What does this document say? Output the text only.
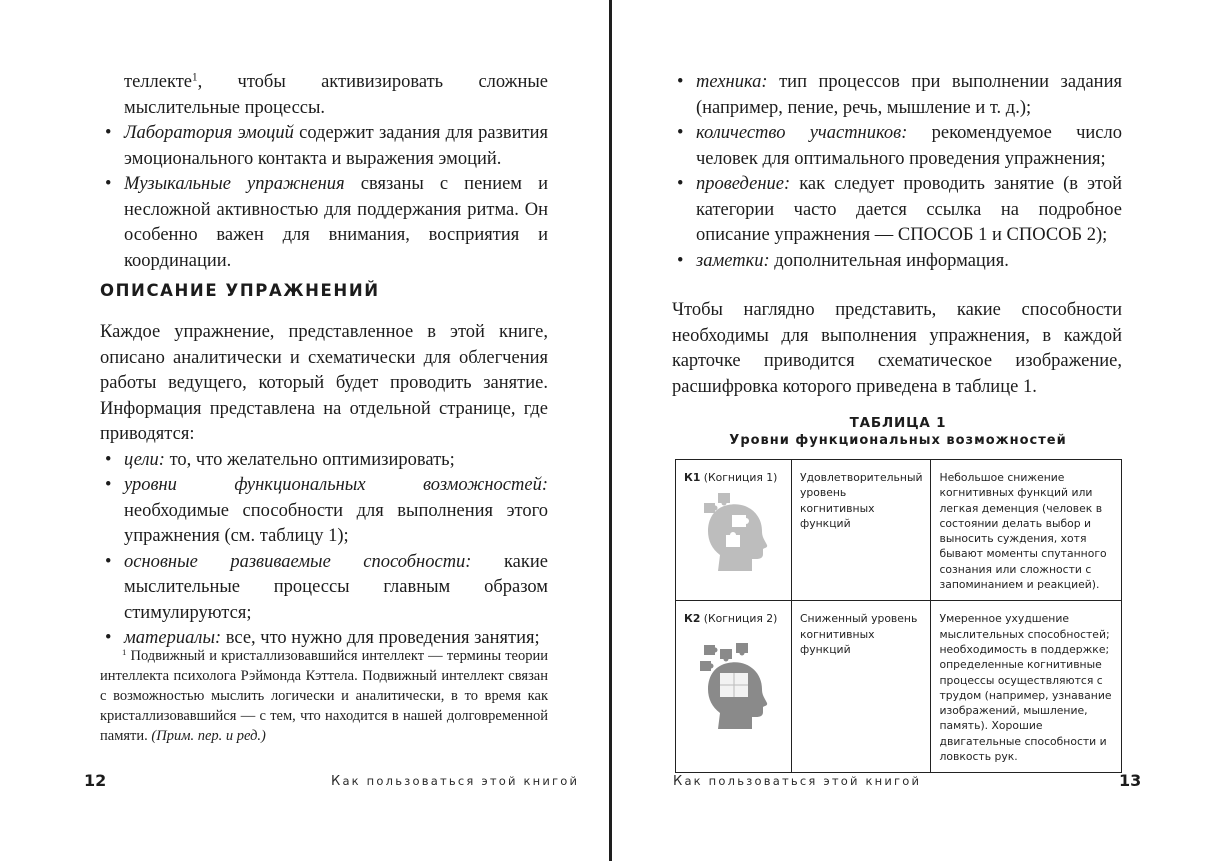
теллекте$^1$, чтобы активизировать сложные мыслительные процессы.

• Лаборатория эмоций содержит задания для развития эмоционального контакта и выражения эмоций.
• Музыкальные упражнения связаны с пением и несложной активностью для поддержания ритма. Он особенно важен для внимания, восприятия и координации.
ОПИСАНИЕ УПРАЖНЕНИЙ

Каждое упражнение, представленное в этой книге, описано аналитически и схематически для облегчения работы ведущего, который будет проводить занятие. Информация представлена на отдельной странице, где приводятся:

• цели: то, что желательно оптимизировать;
• уровни функциональных возможностей: необходимые способности для выполнения этого упражнения (см. таблицу 1);
• основные развиваемые способности: какие мыслительные процессы главным образом стимулируются;
• материалы: все, что нужно для проведения занятия;

$^1$ Подвижный и кристаллизовавшийся интеллект — термины теории интеллекта психолога Рэймонда Кэттела. Подвижный интеллект связан с возможностью мыслить логически и аналитически, в то время как кристаллизовавшийся — с тем, что находится в нашей долговременной памяти. (Прим. пер. и ред.)

12	Как пользоваться этой книгой
• техника: тип процессов при выполнении задания (например, пение, речь, мышление и т. д.);
• количество участников: рекомендуемое число человек для оптимального проведения упражнения;
• проведение: как следует проводить занятие (в этой категории часто дается ссылка на подробное описание упражнения — СПОСОБ 1 и СПОСОБ 2);
• заметки: дополнительная информация.

Чтобы наглядно представить, какие способности необходимы для выполнения упражнения, в каждой карточке приводится схематическое изображение, расшифровка которого приведена в таблице 1.

ТАБЛИЦА 1
Уровни функциональных возможностей
К1 (Когниция 1)	Удовлетворительный уровень когнитивных функций	Небольшое снижение когнитивных функций или легкая деменция (человек в состоянии делать выбор и выносить суждения, хотя бывают моменты спутанного сознания или сложности с запоминанием и реакцией).
К2 (Когниция 2)	Сниженный уровень когнитивных функций	Умеренное ухудшение мыслительных способностей; необходимость в поддержке; определенные когнитивные процессы осуществляются с трудом (например, узнавание изображений, мышление, память). Хорошие двигательные способности и ловкость рук.
Как пользоваться этой книгой	13
